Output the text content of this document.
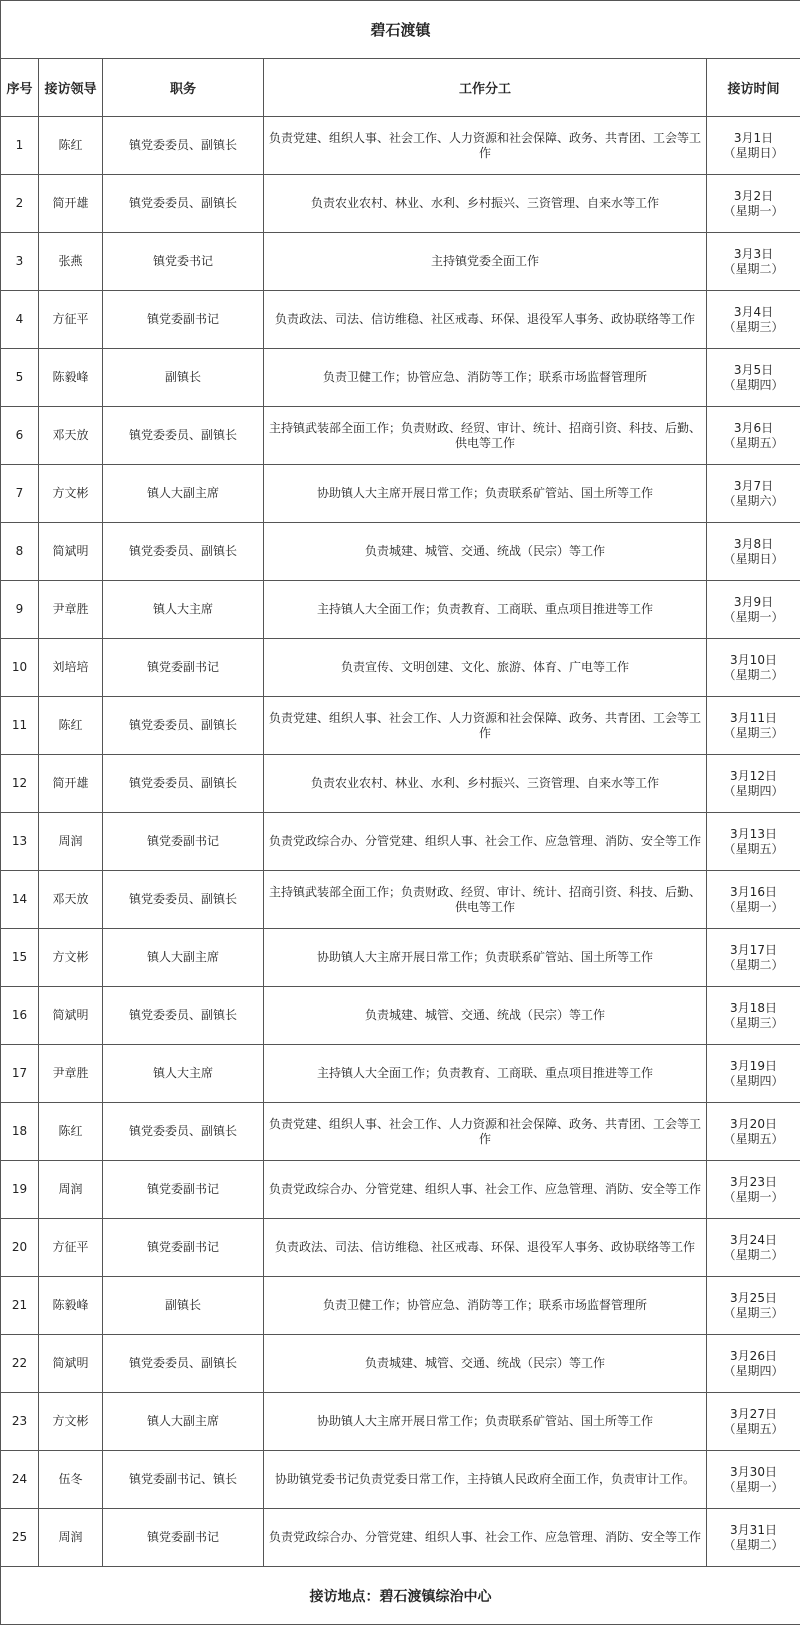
碧石渡镇				
序号	接访领导	职务	工作分工	接访时间
1	陈红	镇党委委员、副镇长	负责党建、组织人事、社会工作、人力资源和社会保障、政务、共青团、工会等工作	3月1日
（星期日）

2	简开雄	镇党委委员、副镇长	负责农业农村、林业、水利、乡村振兴、三资管理、自来水等工作	3月2日
（星期一）

3	张燕	镇党委书记	主持镇党委全面工作	3月3日
（星期二）

4	方征平	镇党委副书记	负责政法、司法、信访维稳、社区戒毒、环保、退役军人事务、政协联络等工作	3月4日
（星期三）

5	陈毅峰	副镇长	负责卫健工作；协管应急、消防等工作；联系市场监督管理所	3月5日
（星期四）

6	邓天放	镇党委委员、副镇长	主持镇武装部全面工作；负责财政、经贸、审计、统计、招商引资、科技、后勤、供电等工作	3月6日
（星期五）

7	方文彬	镇人大副主席	协助镇人大主席开展日常工作；负责联系矿管站、国土所等工作	3月7日
（星期六）

8	简斌明	镇党委委员、副镇长	负责城建、城管、交通、统战（民宗）等工作	3月8日
（星期日）

9	尹章胜	镇人大主席	主持镇人大全面工作；负责教育、工商联、重点项目推进等工作	3月9日
（星期一）

10	刘培培	镇党委副书记	负责宣传、文明创建、文化、旅游、体育、广电等工作	3月10日
（星期二）

11	陈红	镇党委委员、副镇长	负责党建、组织人事、社会工作、人力资源和社会保障、政务、共青团、工会等工作	3月11日
（星期三）

12	简开雄	镇党委委员、副镇长	负责农业农村、林业、水利、乡村振兴、三资管理、自来水等工作	3月12日
（星期四）

13	周润	镇党委副书记	负责党政综合办、分管党建、组织人事、社会工作、应急管理、消防、安全等工作	3月13日
（星期五）

14	邓天放	镇党委委员、副镇长	主持镇武装部全面工作；负责财政、经贸、审计、统计、招商引资、科技、后勤、供电等工作	3月16日
（星期一）

15	方文彬	镇人大副主席	协助镇人大主席开展日常工作；负责联系矿管站、国土所等工作	3月17日
（星期二）

16	简斌明	镇党委委员、副镇长	负责城建、城管、交通、统战（民宗）等工作	3月18日
（星期三）

17	尹章胜	镇人大主席	主持镇人大全面工作；负责教育、工商联、重点项目推进等工作	3月19日
（星期四）

18	陈红	镇党委委员、副镇长	负责党建、组织人事、社会工作、人力资源和社会保障、政务、共青团、工会等工作	3月20日
（星期五）

19	周润	镇党委副书记	负责党政综合办、分管党建、组织人事、社会工作、应急管理、消防、安全等工作	3月23日
（星期一）

20	方征平	镇党委副书记	负责政法、司法、信访维稳、社区戒毒、环保、退役军人事务、政协联络等工作	3月24日
（星期二）

21	陈毅峰	副镇长	负责卫健工作；协管应急、消防等工作；联系市场监督管理所	3月25日
（星期三）

22	简斌明	镇党委委员、副镇长	负责城建、城管、交通、统战（民宗）等工作	3月26日
（星期四）

23	方文彬	镇人大副主席	协助镇人大主席开展日常工作；负责联系矿管站、国土所等工作	3月27日
（星期五）

24	伍冬	镇党委副书记、镇长	协助镇党委书记负责党委日常工作，主持镇人民政府全面工作，负责审计工作。	3月30日
（星期一）

25	周润	镇党委副书记	负责党政综合办、分管党建、组织人事、社会工作、应急管理、消防、安全等工作	3月31日
（星期二）

接访地点：碧石渡镇综治中心				
